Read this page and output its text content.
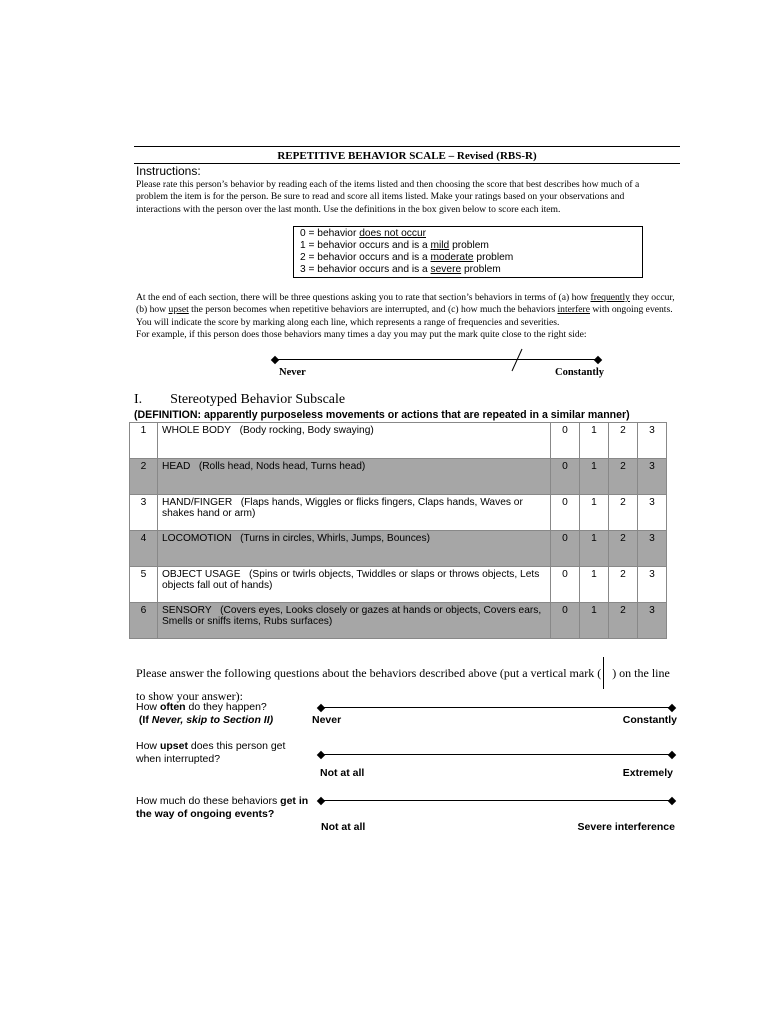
REPETITIVE BEHAVIOR SCALE – Revised (RBS-R)
Instructions:
Please rate this person’s behavior by reading each of the items listed and then choosing the score that best describes how much of a problem the item is for the person. Be sure to read and score all items listed. Make your ratings based on your observations and interactions with the person over the last month. Use the definitions in the box given below to score each item.
0 = behavior does not occur
1 = behavior occurs and is a mild problem
2 = behavior occurs and is a moderate problem
3 = behavior occurs and is a severe problem
At the end of each section, there will be three questions asking you to rate that section’s behaviors in terms of (a) how frequently they occur, (b) how upset the person becomes when repetitive behaviors are interrupted, and (c) how much the behaviors interfere with ongoing events. You will indicate the score by marking along each line, which represents a range of frequencies and severities.
For example, if this person does those behaviors many times a day you may put the mark quite close to the right side:
Never	Constantly
I. Stereotyped Behavior Subscale
(DEFINITION: apparently purposeless movements or actions that are repeated in a similar manner)
1	WHOLE BODY (Body rocking, Body swaying)	0	1	2	3
2	HEAD (Rolls head, Nods head, Turns head)	0	1	2	3
3	HAND/FINGER (Flaps hands, Wiggles or flicks fingers, Claps hands, Waves or shakes hand or arm)	0	1	2	3
4	LOCOMOTION (Turns in circles, Whirls, Jumps, Bounces)	0	1	2	3
5	OBJECT USAGE (Spins or twirls objects, Twiddles or slaps or throws objects, Lets objects fall out of hands)	0	1	2	3
6	SENSORY (Covers eyes, Looks closely or gazes at hands or objects, Covers ears, Smells or sniffs items, Rubs surfaces)	0	1	2	3
Please answer the following questions about the behaviors described above (put a vertical mark ( ) on the line to show your answer):
How often do they happen?
(If Never, skip to Section II)	Never	Constantly
How upset does this person get when interrupted?
Not at all	Extremely
How much do these behaviors get in the way of ongoing events?
Not at all	Severe interference
